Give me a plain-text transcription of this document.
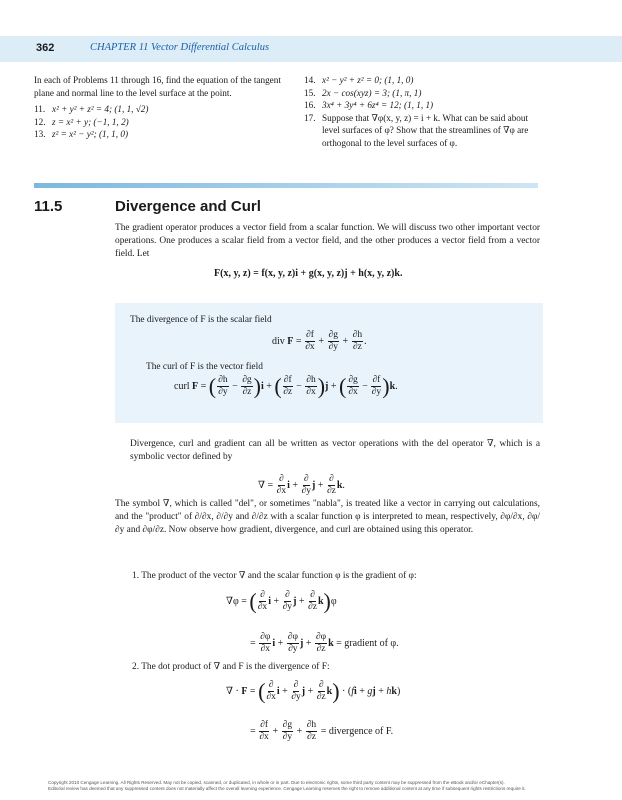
362	CHAPTER 11 Vector Differential Calculus

In each of Problems 11 through 16, find the equation of the tangent plane and normal line to the level surface at the point.

11. x² + y² + z² = 4; (1, 1, √2)
12. z = x² + y; (−1, 1, 2)
13. z² = x² − y²; (1, 1, 0)
14. x² − y² + z² = 0; (1, 1, 0)
15. 2x − cos(xyz) = 3; (1, π, 1)
16. 3x⁴ + 3y⁴ + 6z⁴ = 12; (1, 1, 1)
17. Suppose that ∇φ(x, y, z) = i + k. What can be said about level surfaces of φ? Show that the streamlines of ∇φ are orthogonal to the level surfaces of φ.
11.5	Divergence and Curl
The gradient operator produces a vector field from a scalar function. We will discuss two other important vector operations. One produces a scalar field from a vector field, and the other produces a vector field from a vector field. Let
F(x, y, z) = f(x, y, z)i + g(x, y, z)j + h(x, y, z)k.
The divergence of F is the scalar field
div $F = \frac{\partial f}{\partial x} + \frac{\partial g}{\partial y} + \frac{\partial h}{\partial z}$ .
The curl of F is the vector field
curl F = ( $\frac{\partial h}{\partial y} - \frac{\partial g}{\partial z} )i$ + ( $\frac{\partial f}{\partial z} - \frac{\partial h}{\partial x} )j$ + ( $\frac{\partial g}{\partial x} - \frac{\partial f}{\partial y} )k$.
Divergence, curl and gradient can all be written as vector operations with the del operator ∇, which is a symbolic vector defined by
∇ = $\frac{\partial}{\partial x}$ $i + \frac{\partial}{\partial y}$ $j + \frac{\partial}{\partial z} k$.
The symbol ∇, which is called "del", or sometimes "nabla", is treated like a vector in carrying out calculations, and the "product" of ∂/∂x, ∂/∂y and ∂/∂z with a scalar function φ is interpreted to mean, respectively, ∂φ/∂x, ∂φ/∂y and ∂φ/∂z. Now observe how gradient, divergence, and curl are obtained using this operator.
1. The product of the vector ∇ and the scalar function φ is the gradient of φ:
∇φ = ( $\frac{\partial}{\partial x}$ $i + \frac{\partial}{\partial y}$ $j + \frac{\partial}{\partial z} k)\varphi$
= $\frac{\partial\varphi}{\partial x}$ $i + \frac{\partial\varphi}{\partial y}$ $j + \frac{\partial\varphi}{\partial z}$ k = gradient of φ.
2. The dot product of ∇ and F is the divergence of F:
∇ · F = ( $\frac{\partial}{\partial x}$ $i + \frac{\partial}{\partial y}$ $j + \frac{\partial}{\partial z} k) \cdot (fi$ + gj + hk)
= $\frac{\partial f}{\partial x} + \frac{\partial g}{\partial y} + \frac{\partial h}{\partial z}$ = divergence of F.
Copyright 2010 Cengage Learning. All Rights Reserved. May not be copied, scanned, or duplicated, in whole or in part. Due to electronic rights, some third party content may be suppressed from the eBook and/or eChapter(s).
Editorial review has deemed that any suppressed content does not materially affect the overall learning experience. Cengage Learning reserves the right to remove additional content at any time if subsequent rights restrictions require it.
